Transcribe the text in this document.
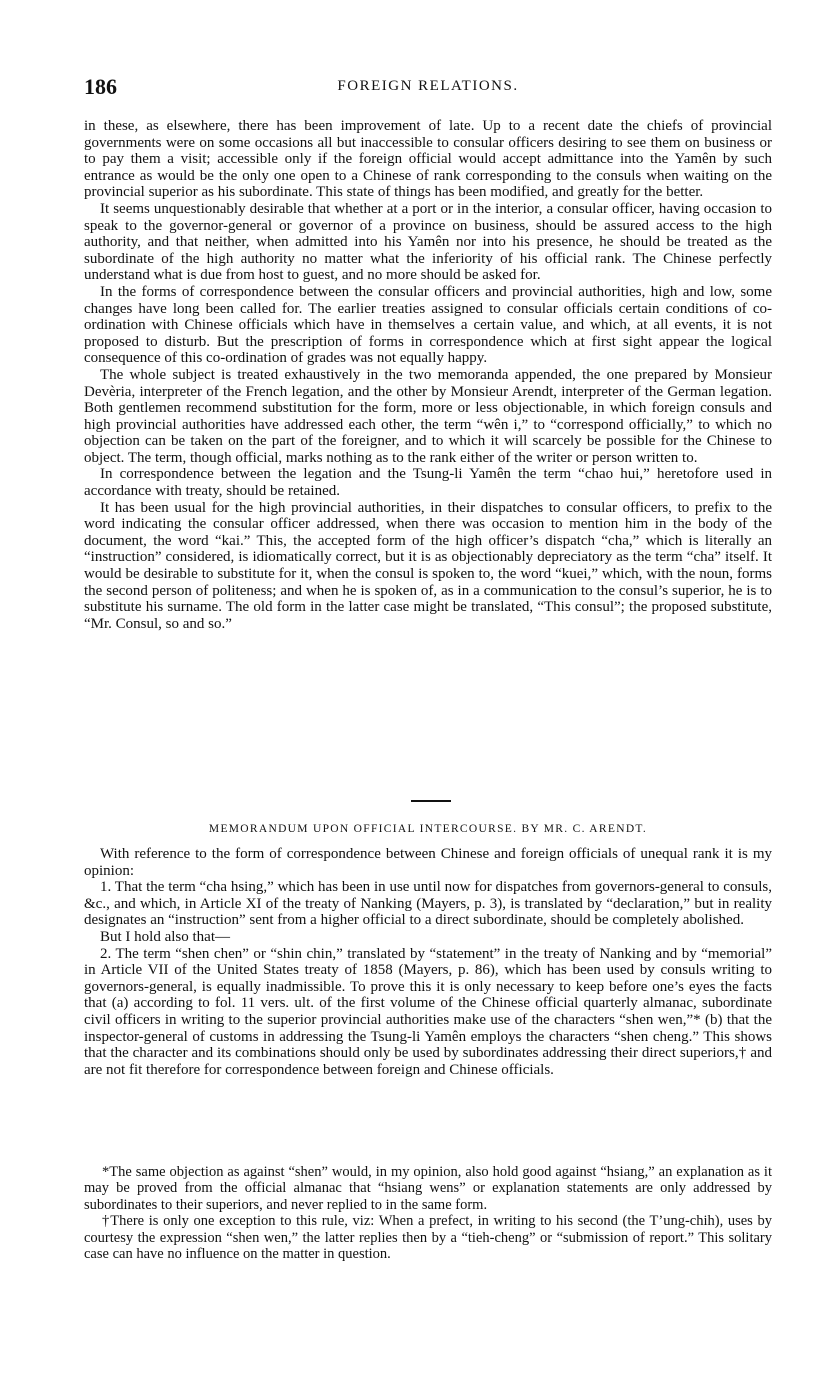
186	FOREIGN RELATIONS.

in these, as elsewhere, there has been improvement of late. Up to a recent date the chiefs of provincial governments were on some occasions all but inaccessible to consular officers desiring to see them on business or to pay them a visit; accessible only if the foreign official would accept admittance into the Yamên by such entrance as would be the only one open to a Chinese of rank corresponding to the consuls when waiting on the provincial superior as his subordinate. This state of things has been modified, and greatly for the better.

It seems unquestionably desirable that whether at a port or in the interior, a consular officer, having occasion to speak to the governor-general or governor of a province on business, should be assured access to the high authority, and that neither, when admitted into his Yamên nor into his presence, he should be treated as the subordinate of the high authority no matter what the inferiority of his official rank. The Chinese perfectly understand what is due from host to guest, and no more should be asked for.

In the forms of correspondence between the consular officers and provincial authorities, high and low, some changes have long been called for. The earlier treaties assigned to consular officials certain conditions of co-ordination with Chinese officials which have in themselves a certain value, and which, at all events, it is not proposed to disturb. But the prescription of forms in correspondence which at first sight appear the logical consequence of this co-ordination of grades was not equally happy.

The whole subject is treated exhaustively in the two memoranda appended, the one prepared by Monsieur Devèria, interpreter of the French legation, and the other by Monsieur Arendt, interpreter of the German legation. Both gentlemen recommend substitution for the form, more or less objectionable, in which foreign consuls and high provincial authorities have addressed each other, the term “wên i,” to “correspond officially,” to which no objection can be taken on the part of the foreigner, and to which it will scarcely be possible for the Chinese to object. The term, though official, marks nothing as to the rank either of the writer or person written to.

In correspondence between the legation and the Tsung-li Yamên the term “chao hui,” heretofore used in accordance with treaty, should be retained.

It has been usual for the high provincial authorities, in their dispatches to consular officers, to prefix to the word indicating the consular officer addressed, when there was occasion to mention him in the body of the document, the word “kai.” This, the accepted form of the high officer’s dispatch “cha,” which is literally an “instruction” considered, is idiomatically correct, but it is as objectionably depreciatory as the term “cha” itself. It would be desirable to substitute for it, when the consul is spoken to, the word “kuei,” which, with the noun, forms the second person of politeness; and when he is spoken of, as in a communication to the consul’s superior, he is to substitute his surname. The old form in the latter case might be translated, “This consul”; the proposed substitute, “Mr. Consul, so and so.”

MEMORANDUM UPON OFFICIAL INTERCOURSE. BY MR. C. ARENDT.

With reference to the form of correspondence between Chinese and foreign officials of unequal rank it is my opinion:

1. That the term “cha hsing,” which has been in use until now for dispatches from governors-general to consuls, &c., and which, in Article XI of the treaty of Nanking (Mayers, p. 3), is translated by “declaration,” but in reality designates an “instruction” sent from a higher official to a direct subordinate, should be completely abolished.

But I hold also that—

2. The term “shen chen” or “shin chin,” translated by “statement” in the treaty of Nanking and by “memorial” in Article VII of the United States treaty of 1858 (Mayers, p. 86), which has been used by consuls writing to governors-general, is equally inadmissible. To prove this it is only necessary to keep before one’s eyes the facts that (a) according to fol. 11 vers. ult. of the first volume of the Chinese official quarterly almanac, subordinate civil officers in writing to the superior provincial authorities make use of the characters “shen wen,”* (b) that the inspector-general of customs in addressing the Tsung-li Yamên employs the characters “shen cheng.” This shows that the character and its combinations should only be used by subordinates addressing their direct superiors,† and are not fit therefore for correspondence between foreign and Chinese officials.

*The same objection as against “shen” would, in my opinion, also hold good against “hsiang,” an explanation as it may be proved from the official almanac that “hsiang wens” or explanation statements are only addressed by subordinates to their superiors, and never replied to in the same form.

†There is only one exception to this rule, viz: When a prefect, in writing to his second (the T’ung-chih), uses by courtesy the expression “shen wen,” the latter replies then by a “tieh-cheng” or “submission of report.” This solitary case can have no influence on the matter in question.
